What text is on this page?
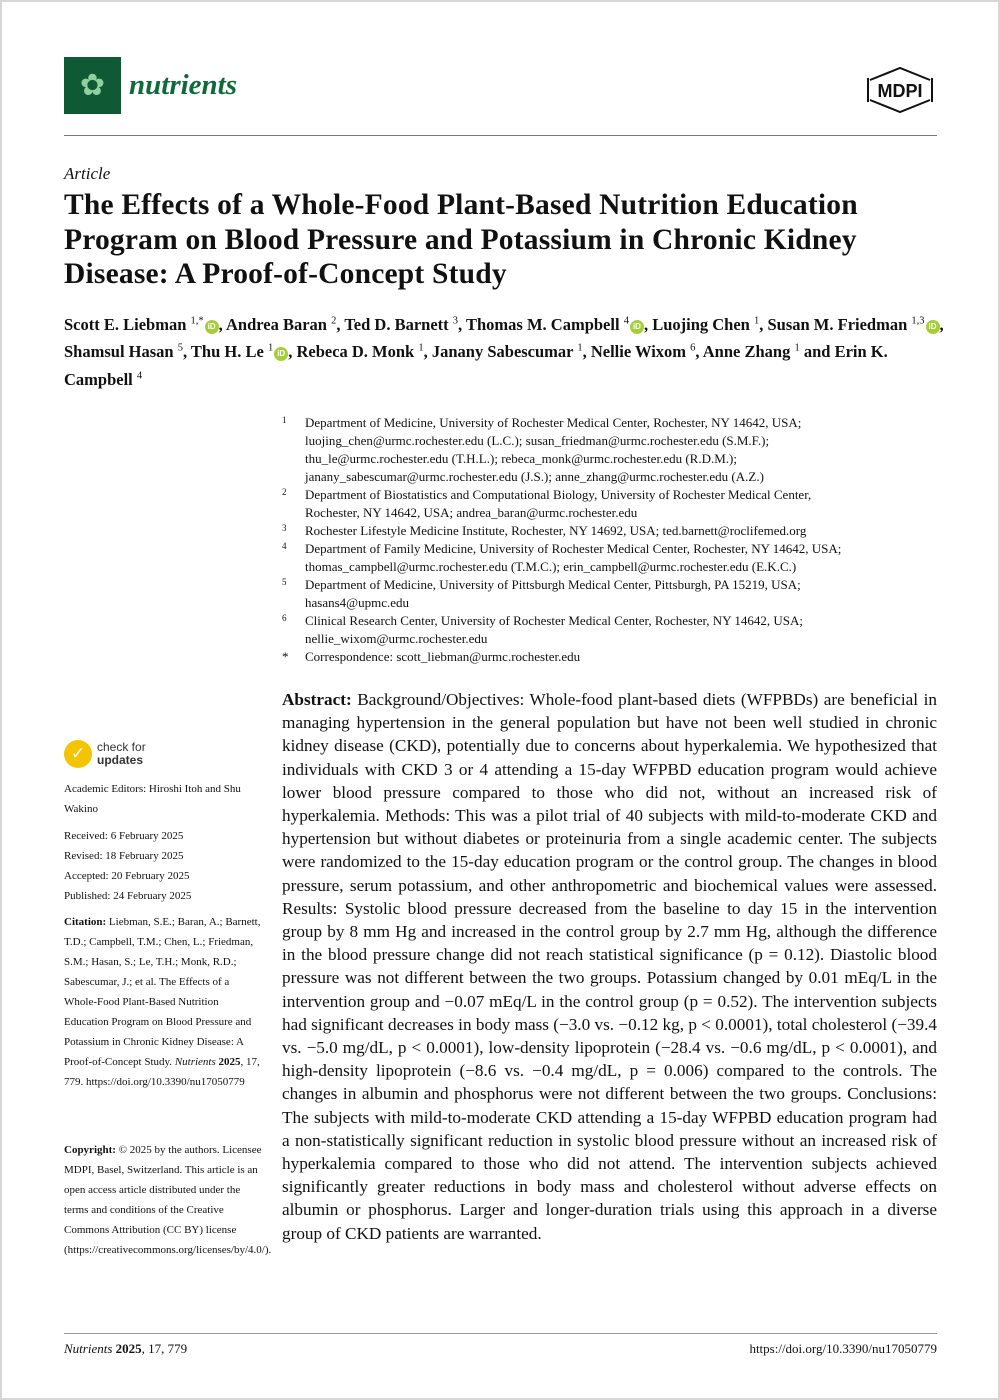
✿ nutrients	MDPI
Article
The Effects of a Whole-Food Plant-Based Nutrition Education Program on Blood Pressure and Potassium in Chronic Kidney Disease: A Proof-of-Concept Study
Scott E. Liebman $^{1,*}$ iD , Andrea Baran $^2$, Ted D. Barnett $^3$, Thomas M. Campbell $^4$ iD , Luojing Chen $^1$, Susan M. Friedman $^{1,3}$ iD , Shamsul Hasan $^5$, Thu H. Le $^1$ iD , Rebeca D. Monk $^1$, Janany Sabescumar $^1$, Nellie Wixom $^6$, Anne Zhang $^1$ and Erin K. Campbell $^4$
1 Department of Medicine, University of Rochester Medical Center, Rochester, NY 14642, USA;
luojing_chen@urmc.rochester.edu (L.C.); susan_friedman@urmc.rochester.edu (S.M.F.);
thu_le@urmc.rochester.edu (T.H.L.); rebeca_monk@urmc.rochester.edu (R.D.M.);
janany_sabescumar@urmc.rochester.edu (J.S.); anne_zhang@urmc.rochester.edu (A.Z.)
2 Department of Biostatistics and Computational Biology, University of Rochester Medical Center,
Rochester, NY 14642, USA; andrea_baran@urmc.rochester.edu
3 Rochester Lifestyle Medicine Institute, Rochester, NY 14692, USA; ted.barnett@roclifemed.org
4 Department of Family Medicine, University of Rochester Medical Center, Rochester, NY 14642, USA;
thomas_campbell@urmc.rochester.edu (T.M.C.); erin_campbell@urmc.rochester.edu (E.K.C.)
5 Department of Medicine, University of Pittsburgh Medical Center, Pittsburgh, PA 15219, USA;
hasans4@upmc.edu
6 Clinical Research Center, University of Rochester Medical Center, Rochester, NY 14642, USA;
nellie_wixom@urmc.rochester.edu
* Correspondence: scott_liebman@urmc.rochester.edu
✓ check for
updates
Academic Editors: Hiroshi Itoh and Shu Wakino
Received: 6 February 2025
Revised: 18 February 2025
Accepted: 20 February 2025
Published: 24 February 2025
Citation: Liebman, S.E.; Baran, A.; Barnett, T.D.; Campbell, T.M.; Chen, L.; Friedman, S.M.; Hasan, S.; Le, T.H.; Monk, R.D.; Sabescumar, J.; et al. The Effects of a Whole-Food Plant-Based Nutrition Education Program on Blood Pressure and Potassium in Chronic Kidney Disease: A Proof-of-Concept Study. Nutrients 2025, 17, 779. https://doi.org/10.3390/nu17050779
Copyright: © 2025 by the authors. Licensee MDPI, Basel, Switzerland. This article is an open access article distributed under the terms and conditions of the Creative Commons Attribution (CC BY) license (https://creativecommons.org/licenses/by/4.0/).
Abstract: Background/Objectives: Whole-food plant-based diets (WFPBDs) are beneficial in managing hypertension in the general population but have not been well studied in chronic kidney disease (CKD), potentially due to concerns about hyperkalemia. We hypothesized that individuals with CKD 3 or 4 attending a 15-day WFPBD education program would achieve lower blood pressure compared to those who did not, without an increased risk of hyperkalemia. Methods: This was a pilot trial of 40 subjects with mild-to-moderate CKD and hypertension but without diabetes or proteinuria from a single academic center. The subjects were randomized to the 15-day education program or the control group. The changes in blood pressure, serum potassium, and other anthropometric and biochemical values were assessed. Results: Systolic blood pressure decreased from the baseline to day 15 in the intervention group by 8 mm Hg and increased in the control group by 2.7 mm Hg, although the difference in the blood pressure change did not reach statistical significance (p = 0.12). Diastolic blood pressure was not different between the two groups. Potassium changed by 0.01 mEq/L in the intervention group and −0.07 mEq/L in the control group (p = 0.52). The intervention subjects had significant decreases in body mass (−3.0 vs. −0.12 kg, p < 0.0001), total cholesterol (−39.4 vs. −5.0 mg/dL, p < 0.0001), low-density lipoprotein (−28.4 vs. −0.6 mg/dL, p < 0.0001), and high-density lipoprotein (−8.6 vs. −0.4 mg/dL, p = 0.006) compared to the controls. The changes in albumin and phosphorus were not different between the two groups. Conclusions: The subjects with mild-to-moderate CKD attending a 15-day WFPBD education program had a non-statistically significant reduction in systolic blood pressure without an increased risk of hyperkalemia compared to those who did not attend. The intervention subjects achieved significantly greater reductions in body mass and cholesterol without adverse effects on albumin or phosphorus. Larger and longer-duration trials using this approach in a diverse group of CKD patients are warranted.
Nutrients 2025, 17, 779	https://doi.org/10.3390/nu17050779
